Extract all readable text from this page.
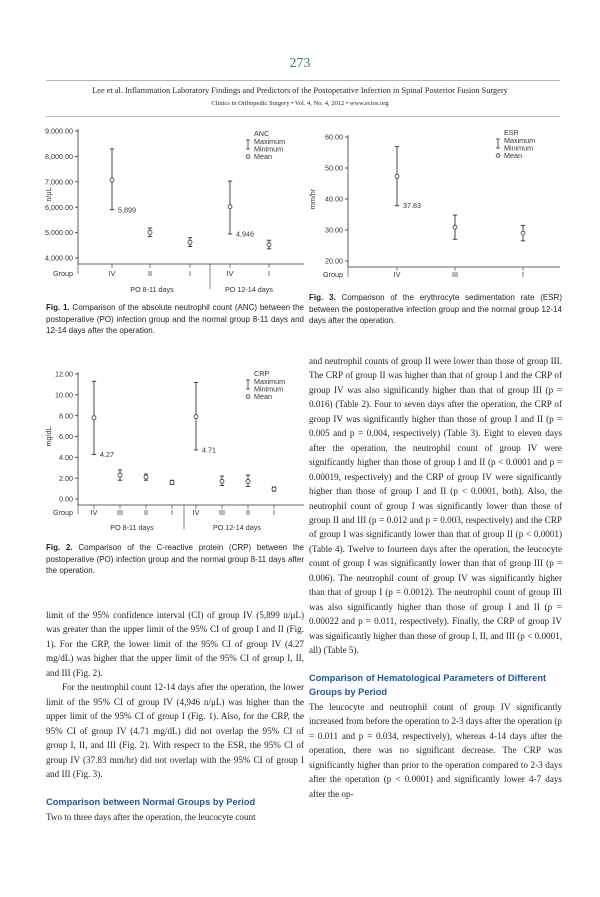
273
Lee et al. Inflammation Laboratory Findings and Predictors of the Postoperative Infection in Spinal Posterior Fusion Surgery
Clinics in Orthopedic Surgery • Vol. 4, No. 4, 2012 • www.ecios.org
9,000.00
8,000.00
7,000.00
6,000.00
5,000.00
4,000.00
n/μL
Group	IV
5,899
II	I	IV
4,946
I
PO 8-11 days	PO 12-14 days
ANC
Maximum
Minimum
Mean

Fig. 1. Comparison of the absolute neutrophil count (ANC) between the postoperative (PO) infection group and the normal group 8-11 days and 12-14 days after the operation.

12.00
10.00
8.00
6.00
4.00
2.00
0.00
mg/dL
Group IV
4.27
III	II	I	IV
4.71
III	II	I
PO 8-11 days	PO 12-14 days
CRP
Maximum
Minimum
Mean

Fig. 2. Comparison of the C-reactive protein (CRP) between the postoperative (PO) infection group and the normal group 8-11 days after the operation.

60.00
50.00
40.00
30.00
20.00
mm/hr
Group	IV
37.83
III	I
ESR
Maximum
Minimum
Mean

Fig. 3. Comparison of the erythrocyte sedimentation rate (ESR) between the postoperative infection group and the normal group 12-14 days after the operation.

limit of the 95% confidence interval (CI) of group IV (5,899 n/μL) was greater than the upper limit of the 95% CI of group I and II (Fig. 1). For the CRP, the lower limit of the 95% CI of group IV (4.27 mg/dL) was higher that the upper limit of the 95% CI of group I, II, and III (Fig. 2).

For the neutrophil count 12-14 days after the operation, the lower limit of the 95% CI of group IV (4,946 n/μL) was higher than the upper limit of the 95% CI of group I (Fig. 1). Also, for the CRP, the 95% CI of group IV (4.71 mg/dL) did not overlap the 95% CI of group I, II, and III (Fig. 2). With respect to the ESR, the 95% CI of group IV (37.83 mm/hr) did not overlap with the 95% CI of group I and III (Fig. 3).

Comparison between Normal Groups by Period

Two to three days after the operation, the leucocyte count

and neutrophil counts of group II were lower than those of group III. The CRP of group II was higher than that of group I and the CRP of group IV was also significantly higher than that of group III (p = 0.016) (Table 2). Four to seven days after the operation, the CRP of group IV was significantly higher than those of group I and II (p = 0.005 and p = 0.004, respectively) (Table 3). Eight to eleven days after the operation, the neutrophil count of group IV were significantly higher than those of group I and II (p < 0.0001 and p = 0.00019, respectively) and the CRP of group IV were significantly higher than those of group I and II (p < 0.0001, both). Also, the neutrophil count of group I was significantly lower than those of group II and III (p = 0.012 and p = 0.003, respectively) and the CRP of group I was significantly lower than that of group II (p < 0.0001) (Table 4). Twelve to fourteen days after the operation, the leucocyte count of group I was significantly lower than that of group III (p = 0.006). The neutrophil count of group IV was significantly higher than that of group I (p = 0.0012). The neutrophil count of group III was also significantly higher than those of group I and II (p = 0.00022 and p = 0.011, respectively). Finally, the CRP of group IV was significantly higher than those of group I, II, and III (p < 0.0001, all) (Table 5).

Comparison of Hematological Parameters of Different Groups by Period

The leucocyte and neutrophil count of group IV significantly increased from before the operation to 2-3 days after the operation (p = 0.011 and p = 0.034, respectively), whereas 4-14 days after the operation, there was no significant decrease. The CRP was significantly higher than prior to the operation compared to 2-3 days after the operation (p < 0.0001) and significantly lower 4-7 days after the op-
